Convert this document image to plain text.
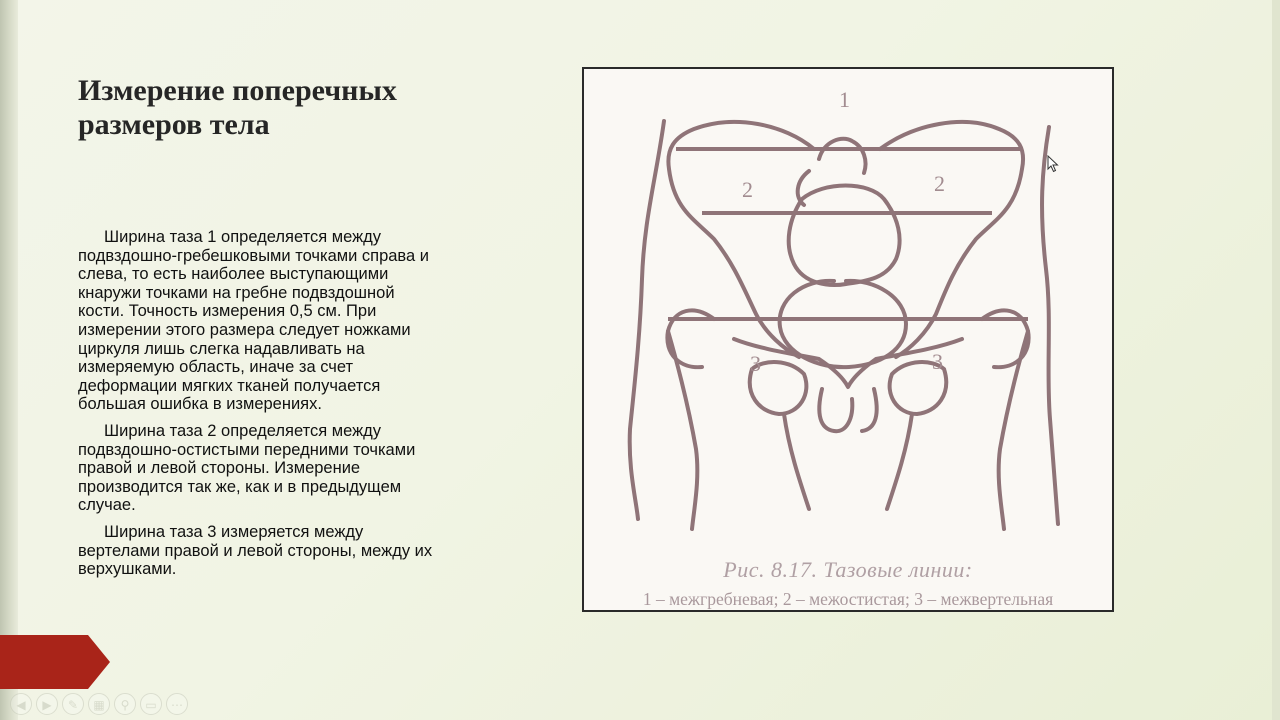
Измерение поперечных размеров тела

Ширина таза 1 определяется между подвздошно-гребешковыми точками справа и слева, то есть наиболее выступающими кнаружи точками на гребне подвздошной кости. Точность измерения 0,5 см. При измерении этого размера следует ножками циркуля лишь слегка надавливать на измеряемую область, иначе за счет деформации мягких тканей получается большая ошибка в измерениях.

Ширина таза 2 определяется между подвздошно-остистыми передними точками правой и левой стороны. Измерение производится так же, как и в предыдущем случае.

Ширина таза 3 измеряется между вертелами правой и левой стороны, между их верхушками.

1
2	2
3	3
Рис. 8.17. Тазовые линии:
1 – межгребневая; 2 – межостистая; 3 – межвертельная
◀	▶	✎	▦	⚲	▭	⋯
